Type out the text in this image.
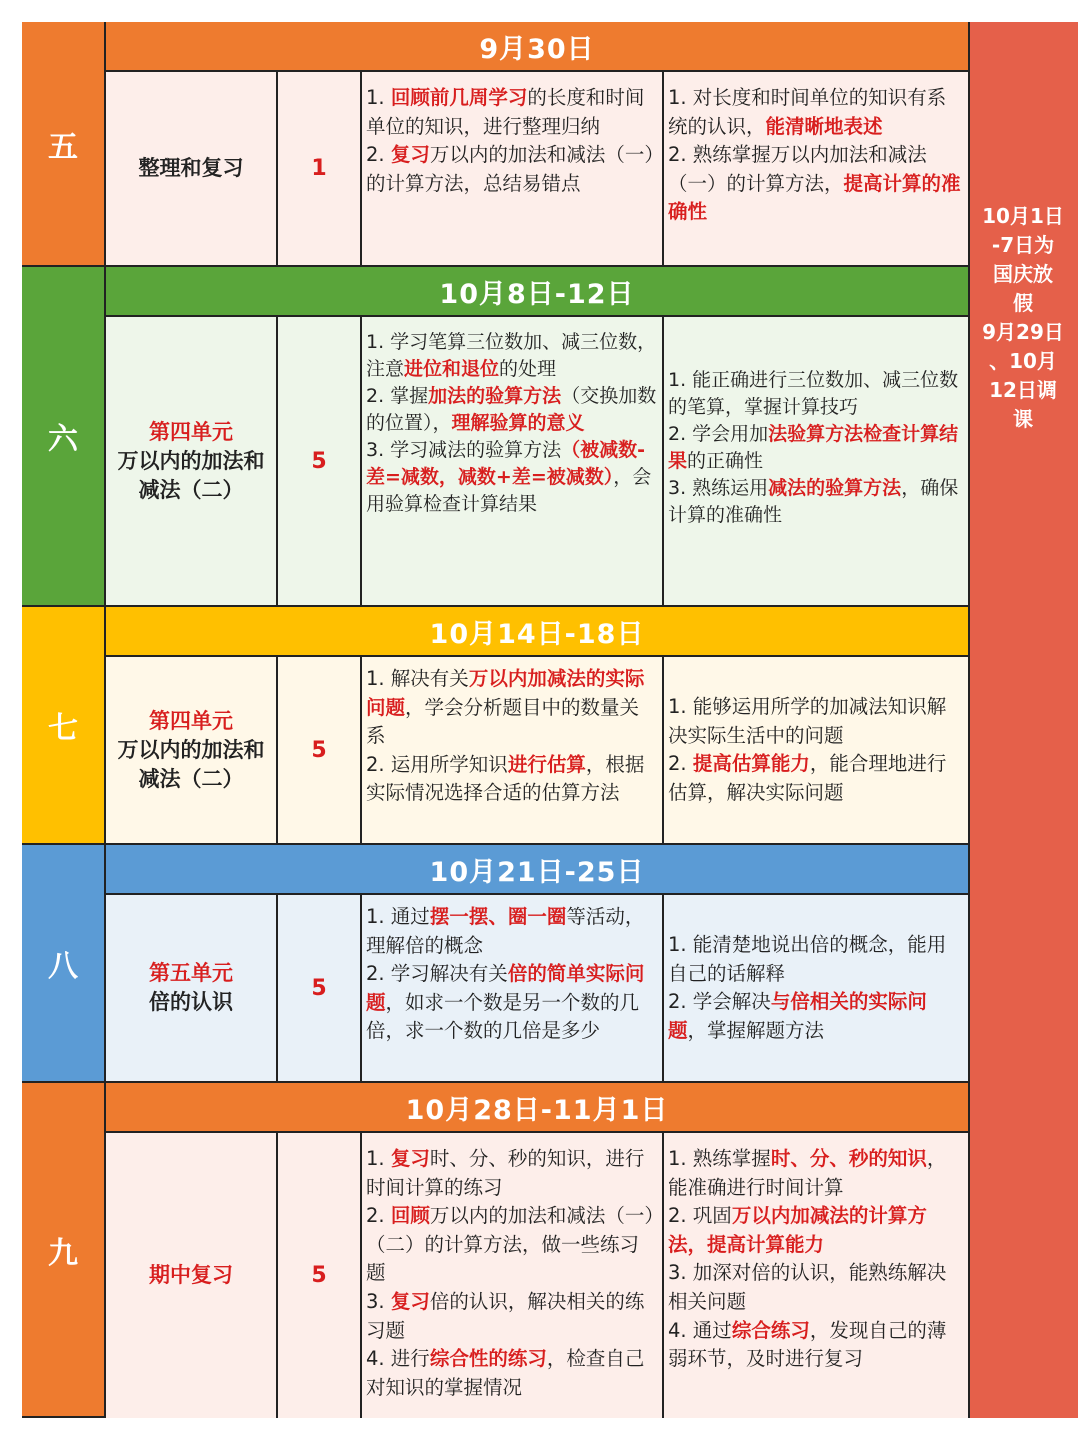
五
9月30日
整理和复习	1
1. 回顾前几周学习的长度和时间单位的知识，进行整理归纳
2. 复习万以内的加法和减法（一）的计算方法，总结易错点
1. 对长度和时间单位的知识有系统的认识，能清晰地表述
2. 熟练掌握万以内加法和减法（一）的计算方法，提高计算的准确性
六
10月8日-12日
第四单元
万以内的加法和减法（二）
5
1. 学习笔算三位数加、减三位数，注意进位和退位的处理
2. 掌握加法的验算方法（交换加数的位置），理解验算的意义
3. 学习减法的验算方法（被减数-差=减数，减数+差=被减数），会用验算检查计算结果
1. 能正确进行三位数加、减三位数的笔算，掌握计算技巧
2. 学会用加法验算方法检查计算结果的正确性
3. 熟练运用减法的验算方法，确保计算的准确性
七
10月14日-18日
第四单元
万以内的加法和减法（二）
5
1. 解决有关万以内加减法的实际问题，学会分析题目中的数量关系
2. 运用所学知识进行估算，根据实际情况选择合适的估算方法
1. 能够运用所学的加减法知识解决实际生活中的问题
2. 提高估算能力，能合理地进行估算，解决实际问题
八
10月21日-25日
第五单元
倍的认识
5
1. 通过摆一摆、圈一圈等活动，理解倍的概念
2. 学习解决有关倍的简单实际问题，如求一个数是另一个数的几倍，求一个数的几倍是多少
1. 能清楚地说出倍的概念，能用自己的话解释
2. 学会解决与倍相关的实际问题，掌握解题方法
九
10月28日-11月1日
期中复习	5
1. 复习时、分、秒的知识，进行时间计算的练习
2. 回顾万以内的加法和减法（一）（二）的计算方法，做一些练习题
3. 复习倍的认识，解决相关的练习题
4. 进行综合性的练习，检查自己对知识的掌握情况
1. 熟练掌握时、分、秒的知识，能准确进行时间计算
2. 巩固万以内加减法的计算方法，提高计算能力
3. 加深对倍的认识，能熟练解决相关问题
4. 通过综合练习，发现自己的薄弱环节，及时进行复习
10月1日
-7日为
国庆放
假
9月29日
、10月
12日调
课
